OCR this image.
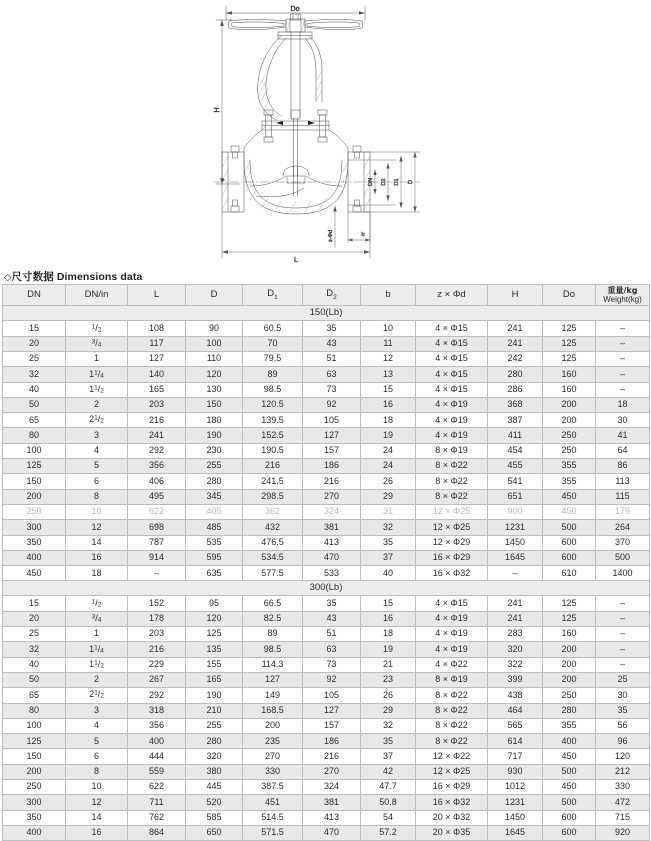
Do
H
DN D2 D1 D
L
z-Φd	b
◇尺寸数据 Dimensions data
DN	DN/in	L	D	$D_1$	$D_2$	b	z × Φd	H	Do	重量/kg
Weight(kg)
150(Lb)										
15	$^1/_2$	108	90	60.5	35	10	4 × Φ15	241	125	–
20	$^3/_4$	117	100	70	43	11	4 × Φ15	241	125	–
25	1	127	110	79.5	51	12	4 × Φ15	242	125	–
32	$1^1/_4$	140	120	89	63	13	4 × Φ15	280	160	–
40	$1^1/_2$	165	130	98.5	73	15	4 × Φ15	286	160	–
50	2	203	150	120.5	92	16	4 × Φ19	368	200	18
65	$2^1/_2$	216	180	139.5	105	18	4 × Φ19	387	200	30
80	3	241	190	152.5	127	19	4 × Φ19	411	250	41
100	4	292	230	190.5	157	24	8 × Φ19	454	250	64
125	5	356	255	216	186	24	8 × Φ22	455	355	86
150	6	406	280	241.5	216	26	8 × Φ22	541	355	113
200	8	495	345	298.5	270	29	8 × Φ22	651	450	115
250	10	622	405	362	324	31	12 × Φ25	900	450	179
300	12	698	485	432	381	32	12 × Φ25	1231	500	264
350	14	787	535	476.5	413	35	12 × Φ29	1450	600	370
400	16	914	595	534.5	470	37	16 × Φ29	1645	600	500
450	18	–	635	577.5	533	40	16 × Φ32	–	610	1400
300(Lb)										
15	$^1/_2$	152	95	66.5	35	15	4 × Φ15	241	125	–
20	$^3/_4$	178	120	82.5	43	16	4 × Φ19	241	125	–
25	1	203	125	89	51	18	4 × Φ19	283	160	–
32	$1^1/_4$	216	135	98.5	63	19	4 × Φ19	320	200	–
40	$1^1/_2$	229	155	114.3	73	21	4 × Φ22	322	200	–
50	2	267	165	127	92	23	8 × Φ19	399	200	25
65	$2^1/_2$	292	190	149	105	26	8 × Φ22	438	250	30
80	3	318	210	168.5	127	29	8 × Φ22	464	280	35
100	4	356	255	200	157	32	8 × Φ22	565	355	56
125	5	400	280	235	186	35	8 × Φ22	614	400	96
150	6	444	320	270	216	37	12 × Φ22	717	450	120
200	8	559	380	330	270	42	12 × Φ25	930	500	212
250	10	622	445	387.5	324	47.7	16 × Φ29	1012	450	330
300	12	711	520	451	381	50.8	16 × Φ32	1231	500	472
350	14	762	585	514.5	413	54	20 × Φ32	1450	600	715
400	16	864	650	571.5	470	57.2	20 × Φ35	1645	600	920
